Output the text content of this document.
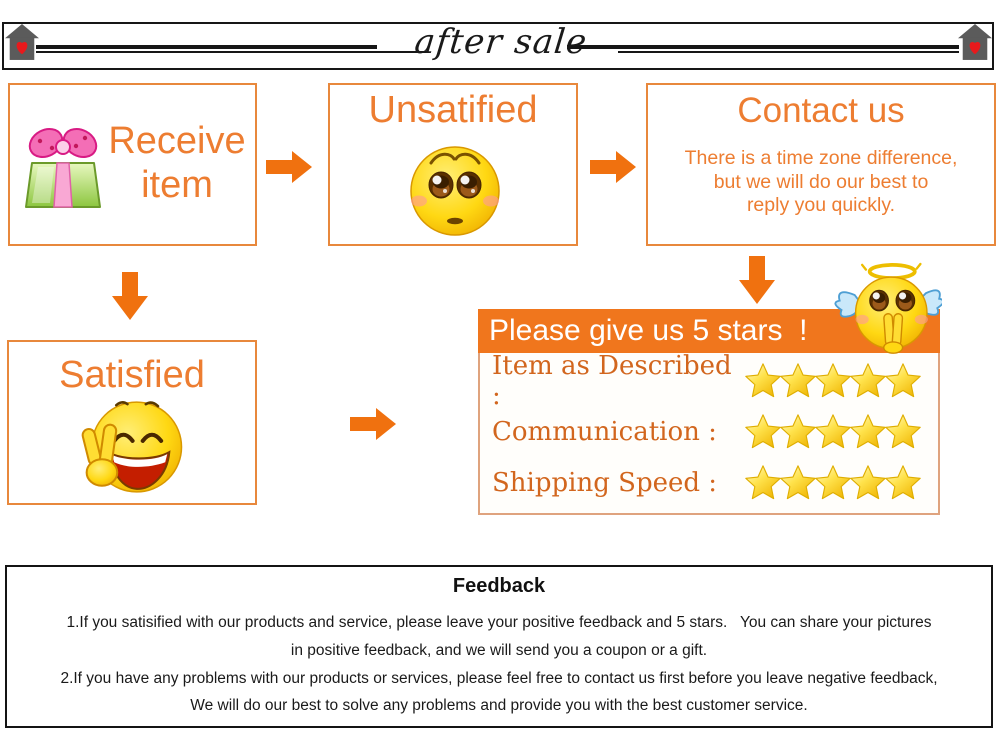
after sale
Receive
item
Unsatified	Contact us
There is a time zone difference,
but we will do our best to
reply you quickly.
Satisfied
Please give us 5 stars  !
Item as Described :
Communication :
Shipping Speed :
Feedback
1.If you satisified with our products and service, please leave your positive feedback and 5 stars.   You can share your pictures
in positive feedback, and we will send you a coupon or a gift.
2.If you have any problems with our products or services, please feel free to contact us first before you leave negative feedback,
We will do our best to solve any problems and provide you with the best customer service.
